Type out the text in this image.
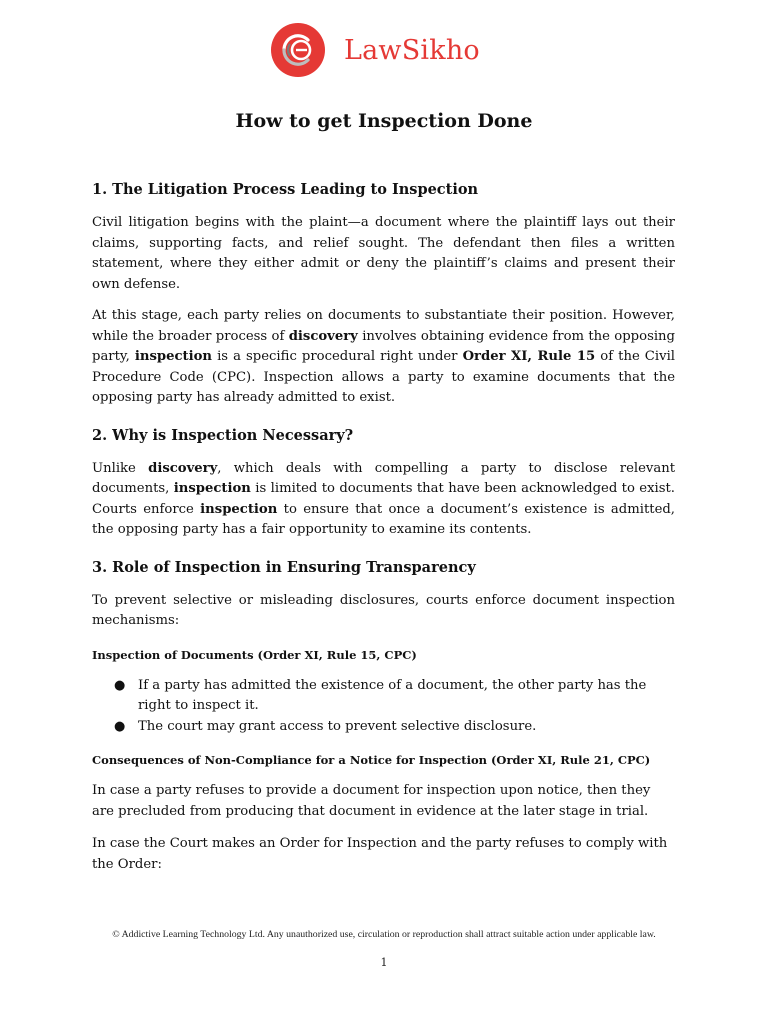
LawSikho
How to get Inspection Done
1. The Litigation Process Leading to Inspection

Civil litigation begins with the plaint—a document where the plaintiff lays out their claims, supporting facts, and relief sought. The defendant then files a written statement, where they either admit or deny the plaintiff’s claims and present their own defense.

At this stage, each party relies on documents to substantiate their position. However, while the broader process of discovery involves obtaining evidence from the opposing party, inspection is a specific procedural right under Order XI, Rule 15 of the Civil Procedure Code (CPC). Inspection allows a party to examine documents that the opposing party has already admitted to exist.

2. Why is Inspection Necessary?

Unlike discovery, which deals with compelling a party to disclose relevant documents, inspection is limited to documents that have been acknowledged to exist. Courts enforce inspection to ensure that once a document’s existence is admitted, the opposing party has a fair opportunity to examine its contents.

3. Role of Inspection in Ensuring Transparency

To prevent selective or misleading disclosures, courts enforce document inspection mechanisms:

Inspection of Documents (Order XI, Rule 15, CPC)
● If a party has admitted the existence of a document, the other party has the right to inspect it.
● The court may grant access to prevent selective disclosure.
Consequences of Non-Compliance for a Notice for Inspection (Order XI, Rule 21, CPC)

In case a party refuses to provide a document for inspection upon notice, then they are precluded from producing that document in evidence at the later stage in trial.

In case the Court makes an Order for Inspection and the party refuses to comply with the Order:

© Addictive Learning Technology Ltd. Any unauthorized use, circulation or reproduction shall attract suitable action under applicable law.
1
